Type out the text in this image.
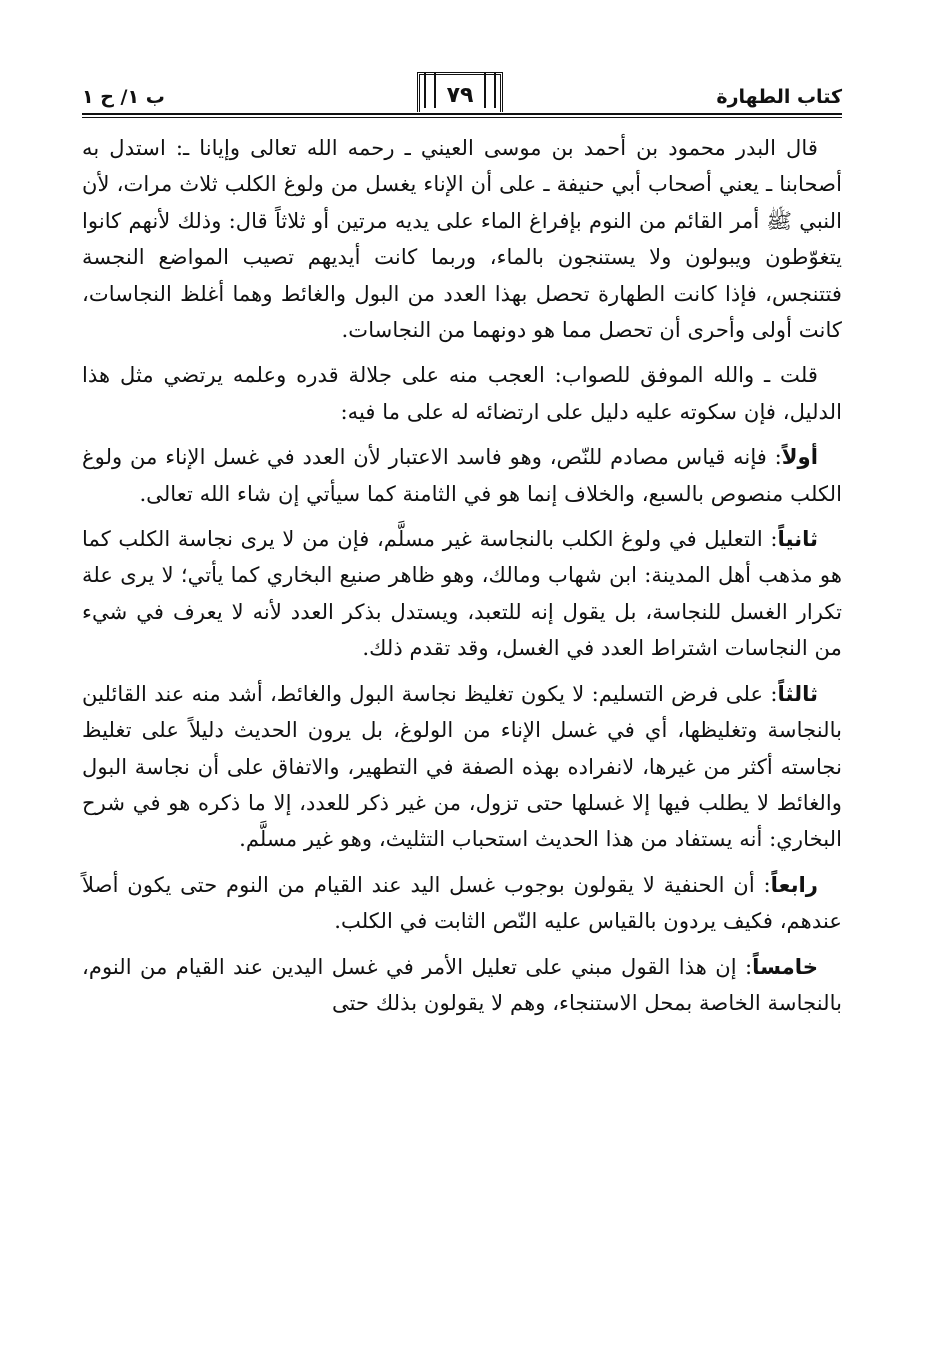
كتاب الطهارة
٧٩
ب ١/ ح ١

قال البدر محمود بن أحمد بن موسى العيني ـ رحمه الله تعالى وإيانا ـ: استدل به أصحابنا ـ يعني أصحاب أبي حنيفة ـ على أن الإناء يغسل من ولوغ الكلب ثلاث مرات، لأن النبي ﷺ أمر القائم من النوم بإفراغ الماء على يديه مرتين أو ثلاثاً قال: وذلك لأنهم كانوا يتغوّطون ويبولون ولا يستنجون بالماء، وربما كانت أيديهم تصيب المواضع النجسة فتتنجس، فإذا كانت الطهارة تحصل بهذا العدد من البول والغائط وهما أغلظ النجاسات، كانت أولى وأحرى أن تحصل مما هو دونهما من النجاسات.

قلت ـ والله الموفق للصواب: العجب منه على جلالة قدره وعلمه يرتضي مثل هذا الدليل، فإن سكوته عليه دليل على ارتضائه له على ما فيه:

أولاً: فإنه قياس مصادم للنّص، وهو فاسد الاعتبار لأن العدد في غسل الإناء من ولوغ الكلب منصوص بالسبع، والخلاف إنما هو في الثامنة كما سيأتي إن شاء الله تعالى.

ثانياً: التعليل في ولوغ الكلب بالنجاسة غير مسلَّم، فإن من لا يرى نجاسة الكلب كما هو مذهب أهل المدينة: ابن شهاب ومالك، وهو ظاهر صنيع البخاري كما يأتي؛ لا يرى علة تكرار الغسل للنجاسة، بل يقول إنه للتعبد، ويستدل بذكر العدد لأنه لا يعرف في شيء من النجاسات اشتراط العدد في الغسل، وقد تقدم ذلك.

ثالثاً: على فرض التسليم: لا يكون تغليظ نجاسة البول والغائط، أشد منه عند القائلين بالنجاسة وتغليظها، أي في غسل الإناء من الولوغ، بل يرون الحديث دليلاً على تغليظ نجاسته أكثر من غيرها، لانفراده بهذه الصفة في التطهير، والاتفاق على أن نجاسة البول والغائط لا يطلب فيها إلا غسلها حتى تزول، من غير ذكر للعدد، إلا ما ذكره هو في شرح البخاري: أنه يستفاد من هذا الحديث استحباب التثليث، وهو غير مسلَّم.

رابعاً: أن الحنفية لا يقولون بوجوب غسل اليد عند القيام من النوم حتى يكون أصلاً عندهم، فكيف يردون بالقياس عليه النّص الثابت في الكلب.

خامساً: إن هذا القول مبني على تعليل الأمر في غسل اليدين عند القيام من النوم، بالنجاسة الخاصة بمحل الاستنجاء، وهم لا يقولون بذلك حتى
